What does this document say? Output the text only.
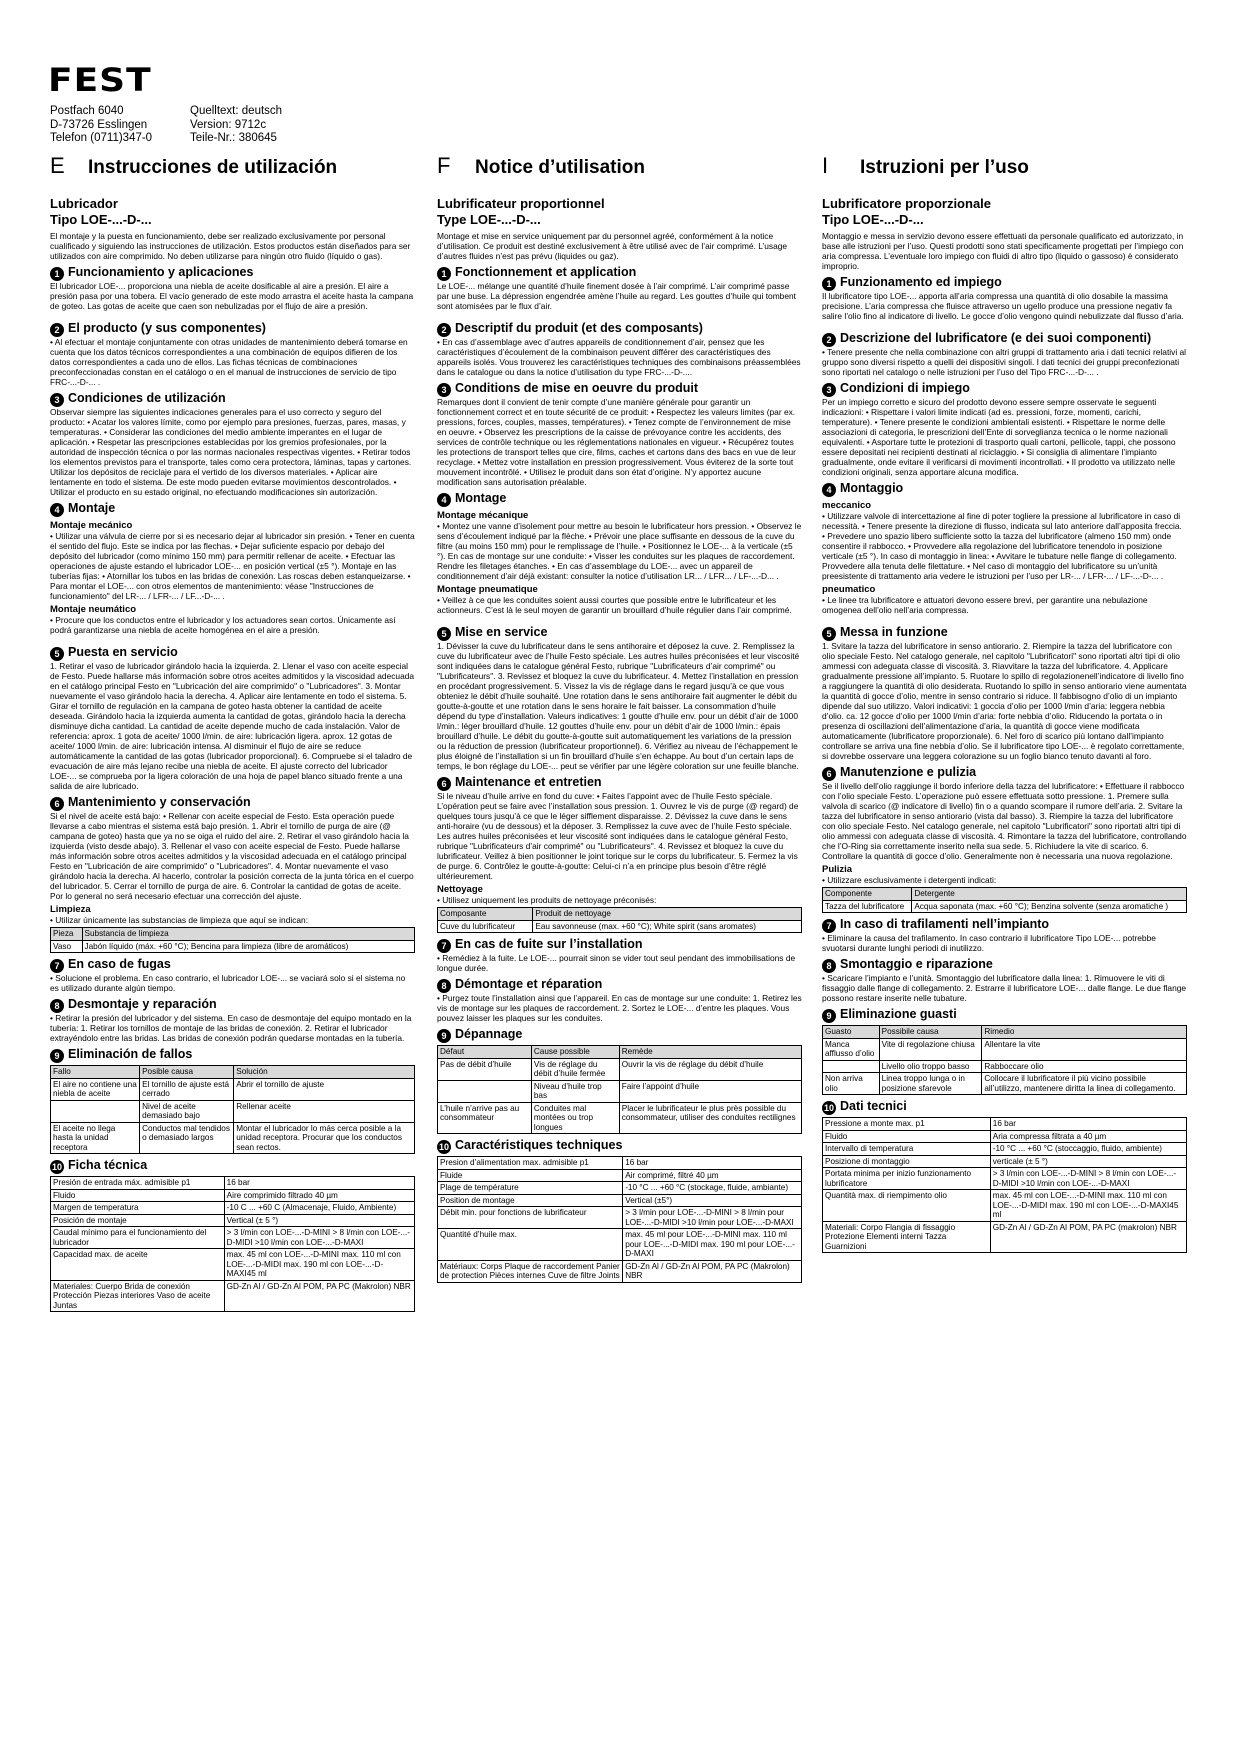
FEST
Postfach 6040
D-73726 Esslingen
Telefon (0711)347-0
Quelltext: deutsch
Version: 9712c
Teile-Nr.: 380645
E Instrucciones de utilización
Lubricador
Tipo LOE-...-D-...
El montaje y la puesta en funcionamiento, debe ser realizado exclusivamente por personal cualificado y siguiendo las instrucciones de utilización. Estos productos están diseñados para ser utilizados con aire comprimido. No deben utilizarse para ningún otro fluido (líquido o gas).
1 Funcionamiento y aplicaciones
El lubricador LOE-... proporciona una niebla de aceite dosificable al aire a presión. El aire a presión pasa por una tobera. El vacío generado de este modo arrastra el aceite hasta la campana de goteo. Las gotas de aceite que caen son nebulizadas por el flujo de aire a presión.
2 El producto (y sus componentes)
• Al efectuar el montaje conjuntamente con otras unidades de mantenimiento deberá tomarse en cuenta que los datos técnicos correspondientes a una combinación de equipos difieren de los datos correspondientes a cada uno de ellos. Las fichas técnicas de combinaciones preconfeccionadas constan en el catálogo o en el manual de instrucciones de servicio de tipo FRC-...-D-... .
3 Condiciones de utilización
Observar siempre las siguientes indicaciones generales para el uso correcto y seguro del producto: • Acatar los valores límite, como por ejemplo para presiones, fuerzas, pares, masas, y temperaturas. • Considerar las condiciones del medio ambiente imperantes en el lugar de aplicación. • Respetar las prescripciones establecidas por los gremios profesionales, por la autoridad de inspección técnica o por las normas nacionales respectivas vigentes. • Retirar todos los elementos previstos para el transporte, tales como cera protectora, láminas, tapas y cartones. Utilizar los depósitos de reciclaje para el vertido de los diversos materiales. • Aplicar aire lentamente en todo el sistema. De este modo pueden evitarse movimientos descontrolados. • Utilizar el producto en su estado original, no efectuando modificaciones sin autorización.
4 Montaje
Montaje mecánico
• Utilizar una válvula de cierre por si es necesario dejar al lubricador sin presión. • Tener en cuenta el sentido del flujo. Este se indica por las flechas. • Dejar suficiente espacio por debajo del depósito del lubricador (como mínimo 150 mm) para permitir rellenar de aceite. • Efectuar las operaciones de ajuste estando el lubricador LOE-... en posición vertical (±5 °). Montaje en las tuberías fijas: • Atornillar los tubos en las bridas de conexión. Las roscas deben estanqueizarse. • Para montar el LOE-... con otros elementos de mantenimiento: véase "Instrucciones de funcionamiento" del LR-... / LFR-... / LF...-D-... .
Montaje neumático
• Procure que los conductos entre el lubricador y los actuadores sean cortos. Únicamente así podrá garantizarse una niebla de aceite homogénea en el aire a presión.
5 Puesta en servicio
1. Retirar el vaso de lubricador girándolo hacia la izquierda. 2. Llenar el vaso con aceite especial de Festo. Puede hallarse más información sobre otros aceites admitidos y la viscosidad adecuada en el catálogo principal Festo en "Lubricación del aire comprimido" o "Lubricadores". 3. Montar nuevamente el vaso girándolo hacia la derecha. 4. Aplicar aire lentamente en todo el sistema. 5. Girar el tornillo de regulación en la campana de goteo hasta obtener la cantidad de aceite deseada. Girándolo hacia la izquierda aumenta la cantidad de gotas, girándolo hacia la derecha disminuye dicha cantidad. La cantidad de aceite depende mucho de cada instalación. Valor de referencia: aprox. 1 gota de aceite/ 1000 l/min. de aire: lubricación ligera. aprox. 12 gotas de aceite/ 1000 l/min. de aire: lubricación intensa. Al disminuir el flujo de aire se reduce automáticamente la cantidad de las gotas (lubricador proporcional). 6. Compruebe si el taladro de evacuación de aire más lejano recibe una niebla de aceite. El ajuste correcto del lubricador LOE-... se comprueba por la ligera coloración de una hoja de papel blanco situado frente a una salida de aire lubricado.
6 Mantenimiento y conservación
Si el nivel de aceite está bajo: • Rellenar con aceite especial de Festo. Esta operación puede llevarse a cabo mientras el sistema está bajo presión. 1. Abrir el tornillo de purga de aire (@ campana de goteo) hasta que ya no se oiga el ruido del aire. 2. Retirar el vaso girándolo hacia la izquierda (visto desde abajo). 3. Rellenar el vaso con aceite especial de Festo. Puede hallarse más información sobre otros aceites admitidos y la viscosidad adecuada en el catálogo principal Festo en "Lubricación de aire comprimido" o "Lubricadores". 4. Montar nuevamente el vaso girándolo hacia la derecha. Al hacerlo, controlar la posición correcta de la junta tórica en el cuerpo del lubricador. 5. Cerrar el tornillo de purga de aire. 6. Controlar la cantidad de gotas de aceite. Por lo general no será necesario efectuar una corrección del ajuste.
Limpieza
• Utilizar únicamente las substancias de limpieza que aquí se indican:
Pieza	Substancia de limpieza
Vaso	Jabón líquido (máx. +60 °C); Bencina para limpieza (libre de aromáticos)
7 En caso de fugas
• Solucione el problema. En caso contrario, el lubricador LOE-... se vaciará solo si el sistema no es utilizado durante algún tiempo.
8 Desmontaje y reparación
• Retirar la presión del lubricador y del sistema. En caso de desmontaje del equipo montado en la tubería: 1. Retirar los tornillos de montaje de las bridas de conexión. 2. Retirar el lubricador extrayéndolo entre las bridas. Las bridas de conexión podrán quedarse montadas en la tubería.
9 Eliminación de fallos
Fallo	Posible causa	Solución
El aire no contiene una niebla de aceite	El tornillo de ajuste está cerrado	Abrir el tornillo de ajuste
	Nivel de aceite demasiado bajo	Rellenar aceite
El aceite no llega hasta la unidad receptora	Conductos mal tendidos o demasiado largos	Montar el lubricador lo más cerca posible a la unidad receptora. Procurar que los conductos sean rectos.
10 Ficha técnica
Presión de entrada máx. admisible p1	16 bar
Fluido	Aire comprimido filtrado 40 µm
Margen de temperatura	-10 C ... +60 C (Almacenaje, Fluido, Ambiente)
Posición de montaje	Vertical (± 5 °)
Caudal mínimo para el funcionamiento del lubricador	> 3 l/min con LOE-...-D-MINI > 8 l/min con LOE-...-D-MIDI >10 l/min con LOE-...-D-MAXI
Capacidad max. de aceite	max. 45 ml con LOE-...-D-MINI max. 110 ml con LOE-...-D-MIDI max. 190 ml con LOE-...-D-MAXI45 ml
Materiales: Cuerpo Brida de conexión Protección Piezas interiores Vaso de aceite Juntas	GD-Zn Al / GD-Zn Al POM, PA PC (Makrolon) NBR
F Notice d’utilisation
Lubrificateur proportionnel
Type LOE-...-D-...
Montage et mise en service uniquement par du personnel agréé, conformément à la notice d’utilisation. Ce produit est destiné exclusivement à être utilisé avec de l’air comprimé. L’usage d’autres fluides n’est pas prévu (liquides ou gaz).
1 Fonctionnement et application
Le LOE-... mélange une quantité d’huile finement dosée à l’air comprimé. L’air comprimé passe par une buse. La dépression engendrée amène l’huile au regard. Les gouttes d’huile qui tombent sont atomisées par le flux d’air.
2 Descriptif du produit (et des composants)
• En cas d’assemblage avec d’autres appareils de conditionnement d’air, pensez que les caractéristiques d’écoulement de la combinaison peuvent différer des caractéristiques des appareils isolés. Vous trouverez les caractéristiques techniques des combinaisons préassemblées dans le catalogue ou dans la notice d’utilisation du type FRC-...-D-....
3 Conditions de mise en oeuvre du produit
Remarques dont il convient de tenir compte d’une manière générale pour garantir un fonctionnement correct et en toute sécurité de ce produit: • Respectez les valeurs limites (par ex. pressions, forces, couples, masses, températures). • Tenez compte de l’environnement de mise en oeuvre. • Observez les prescriptions de la caisse de prévoyance contre les accidents, des services de contrôle technique ou les réglementations nationales en vigueur. • Récupérez toutes les protections de transport telles que cire, films, caches et cartons dans des bacs en vue de leur recyclage. • Mettez votre installation en pression progressivement. Vous éviterez de la sorte tout mouvement incontrôlé. • Utilisez le produit dans son état d’origine. N’y apportez aucune modification sans autorisation préalable.
4 Montage
Montage mécanique
• Montez une vanne d’isolement pour mettre au besoin le lubrificateur hors pression. • Observez le sens d’écoulement indiqué par la flèche. • Prévoir une place suffisante en dessous de la cuve du filtre (au moins 150 mm) pour le remplissage de l’huile. • Positionnez le LOE-... à la verticale (±5 °). En cas de montage sur une conduite: • Visser les conduites sur les plaques de raccordement. Rendre les filetages étanches. • En cas d’assemblage du LOE-... avec un appareil de conditionnement d’air déjà existant: consulter la notice d’utilisation LR... / LFR... / LF-...-D... .
Montage pneumatique
• Veillez à ce que les conduites soient aussi courtes que possible entre le lubrificateur et les actionneurs. C’est là le seul moyen de garantir un brouillard d’huile régulier dans l’air comprimé.
5 Mise en service
1. Dévisser la cuve du lubrificateur dans le sens antihoraire et déposez la cuve. 2. Remplissez la cuve du lubrificateur avec de l’huile Festo spéciale. Les autres huiles préconisées et leur viscosité sont indiquées dans le catalogue général Festo, rubrique "Lubrificateurs d’air comprimé" ou "Lubrificateurs". 3. Revissez et bloquez la cuve du lubrificateur. 4. Mettez l’installation en pression en procédant progressivement. 5. Vissez la vis de réglage dans le regard jusqu’à ce que vous obteniez le débit d’huile souhaité. Une rotation dans le sens antihoraire fait augmenter le débit du goutte-à-goutte et une rotation dans le sens horaire le fait baisser. La consommation d’huile dépend du type d’installation. Valeurs indicatives: 1 goutte d’huile env. pour un débit d’air de 1000 l/min.: léger brouillard d’huile. 12 gouttes d’huile env. pour un débit d’air de 1000 l/min.: épais brouillard d’huile. Le débit du goutte-à-goutte suit automatiquement les variations de la pression ou la réduction de pression (lubrificateur proportionnel). 6. Vérifiez au niveau de l’échappement le plus éloigné de l’installation si un fin brouillard d’huile s’en échappe. Au bout d’un certain laps de temps, le bon réglage du LOE-... peut se vérifier par une légère coloration sur une feuille blanche.
6 Maintenance et entretien
Si le niveau d’huile arrive en fond du cuve: • Faites l’appoint avec de l’huile Festo spéciale. L’opération peut se faire avec l’installation sous pression. 1. Ouvrez le vis de purge (@ regard) de quelques tours jusqu’à ce que le léger sifflement disparaisse. 2. Dévissez la cuve dans le sens anti-horaire (vu de dessous) et la déposer. 3. Remplissez la cuve avec de l’huile Festo spéciale. Les autres huiles préconisées et leur viscosité sont indiquées dans le catalogue général Festo, rubrique "Lubrificateurs d’air comprimé" ou "Lubrificateurs". 4. Revissez et bloquez la cuve du lubrificateur. Veillez à bien positionner le joint torique sur le corps du lubrificateur. 5. Fermez la vis de purge. 6. Contrôlez le goutte-à-goutte: Celui-ci n’a en principe plus besoin d’être réglé ultérieurement.
Nettoyage
• Utilisez uniquement les produits de nettoyage préconisés:
Composante	Produit de nettoyage
Cuve du lubrificateur	Eau savonneuse (max. +60 °C); White spirit (sans aromates)
7 En cas de fuite sur l’installation
• Remédiez à la fuite. Le LOE-... pourrait sinon se vider tout seul pendant des immobilisations de longue durée.
8 Démontage et réparation
• Purgez toute l’installation ainsi que l’appareil. En cas de montage sur une conduite: 1. Retirez les vis de montage sur les plaques de raccordement. 2. Sortez le LOE-... d’entre les plaques. Vous pouvez laisser les plaques sur les conduites.
9 Dépannage
Défaut	Cause possible	Remède
Pas de débit d’huile	Vis de réglage du débit d’huile fermée	Ouvrir la vis de réglage du débit d’huile
	Niveau d’huile trop bas	Faire l’appoint d’huile
L’huile n’arrive pas au consommateur	Conduites mal montées ou trop longues	Placer le lubrificateur le plus près possible du consommateur, utiliser des conduites rectilignes
10 Caractéristiques techniques
Presion d’alimentation max. admisible p1	16 bar
Fluide	Air comprimé, filtré 40 µm
Plage de température	-10 °C ... +60 °C (stockage, fluide, ambiante)
Position de montage	Vertical (±5°)
Débit min. pour fonctions de lubrificateur	> 3 l/min pour LOE-...-D-MINI > 8 l/min pour LOE-...-D-MIDI >10 l/min pour LOE-...-D-MAXI
Quantité d’huile max.	max. 45 ml pour LOE-...-D-MINI max. 110 ml pour LOE-...-D-MIDI max. 190 ml pour LOE-...-D-MAXI
Matériaux: Corps Plaque de raccordement Panier de protection Pièces internes Cuve de filtre Joints	GD-Zn Al / GD-Zn Al POM, PA PC (Makrolon) NBR
I Istruzioni per l’uso
Lubrificatore proporzionale
Tipo LOE-...-D-...
Montaggio e messa in servizio devono essere effettuati da personale qualificato ed autorizzato, in base alle istruzioni per l’uso. Questi prodotti sono stati specificamente progettati per l’impiego con aria compressa. L’eventuale loro impiego con fluidi di altro tipo (liquido o gassoso) è considerato improprio.
1 Funzionamento ed impiego
Il lubrificatore tipo LOE-... apporta all’aria compressa una quantità di olio dosabile la massima precisione. L’aria compressa che fluisce attraverso un ugello produce una pressione negativ fa salire l’olio fino al indicatore di livello. Le gocce d’olio vengono quindi nebulizzate dal flusso d’aria.
2 Descrizione del lubrificatore (e dei suoi componenti)
• Tenere presente che nella combinazione con altri gruppi di trattamento aria i dati tecnici relativi al gruppo sono diversi rispetto a quelli dei dispositivi singoli. I dati tecnici dei gruppi preconfezionati sono riportati nel catalogo o nelle istruzioni per l’uso del Tipo FRC-...-D-... .
3 Condizioni di impiego
Per un impiego corretto e sicuro del prodotto devono essere sempre osservate le seguenti indicazioni: • Rispettare i valori limite indicati (ad es. pressioni, forze, momenti, carichi, temperature). • Tenere presente le condizioni ambientali esistenti. • Rispettare le norme delle associazioni di categoria, le prescrizioni dell’Ente di sorveglianza tecnica o le norme nazionali equivalenti. • Asportare tutte le protezioni di trasporto quali cartoni, pellicole, tappi, che possono essere depositati nei recipienti destinati al riciclaggio. • Si consiglia di alimentare l’impianto gradualmente, onde evitare il verificarsi di movimenti incontrollati. • Il prodotto va utilizzato nelle condizioni originali, senza apportare alcuna modifica.
4 Montaggio
meccanico
• Utilizzare valvole di intercettazione al fine di poter togliere la pressione al lubrificatore in caso di necessità. • Tenere presente la direzione di flusso, indicata sul lato anteriore dall’apposita freccia. • Prevedere uno spazio libero sufficiente sotto la tazza del lubrificatore (almeno 150 mm) onde consentire il rabbocco. • Provvedere alla regolazione del lubrificatore tenendolo in posizione verticale (±5 °). In caso di montaggio in linea: • Avvitare le tubature nelle flange di collegamento. Provvedere alla tenuta delle filettature. • Nel caso di montaggio del lubrificatore su un’unità preesistente di trattamento aria vedere le istruzioni per l’uso per LR-... / LFR-... / LF-...-D-... .
pneumatico
• Le linee tra lubrificatore e attuatori devono essere brevi, per garantire una nebulazione omogenea dell’olio nell’aria compressa.
5 Messa in funzione
1. Svitare la tazza del lubrificatore in senso antiorario. 2. Riempire la tazza del lubrificatore con olio speciale Festo. Nel catalogo generale, nel capitolo "Lubrificatori" sono riportati altri tipi di olio ammessi con adeguata classe di viscosità. 3. Riavvitare la tazza del lubrificatore. 4. Applicare gradualmente pressione all’impianto. 5. Ruotare lo spillo di regolazionenell’indicatore di livello fino a raggiungere la quantità di olio desiderata. Ruotando lo spillo in senso antiorario viene aumentata la quantità di gocce d’olio, mentre in senso contrario si riduce. Il fabbisogno d’olio di un impianto dipende dal suo utilizzo. Valori indicativi: 1 goccia d’olio per 1000 l/min d’aria: leggera nebbia d’olio. ca. 12 gocce d’olio per 1000 l/min d’aria: forte nebbia d’olio. Riducendo la portata o in presenza di oscillazioni dell’alimentazione d’aria, la quantità di gocce viene modificata automaticamente (lubrificatore proporzionale). 6. Nel foro di scarico più lontano dall’impianto controllare se arriva una fine nebbia d’olio. Se il lubrificatore tipo LOE-... è regolato correttamente, si dovrebbe osservare una leggera colorazione su un foglio bianco tenuto davanti al foro.
6 Manutenzione e pulizia
Se il livello dell’olio raggiunge il bordo inferiore della tazza del lubrificatore: • Effettuare il rabbocco con l’olio speciale Festo. L’operazione può essere effettuata sotto pressione. 1. Premere sulla valvola di scarico (@ indicatore di livello) fin o a quando scompare il rumore dell’aria. 2. Svitare la tazza del lubrificatore in senso antiorario (vista dal basso). 3. Riempire la tazza del lubrificatore con olio speciale Festo. Nel catalogo generale, nel capitolo "Lubrificatori" sono riportati altri tipi di olio ammessi con adeguata classe di viscosità. 4. Rimontare la tazza del lubrificatore, controllando che l’O-Ring sia correttamente inserito nella sua sede. 5. Richiudere la vite di scarico. 6. Controllare la quantità di gocce d’olio. Generalmente non è necessaria una nuova regolazione.
Pulizia
• Utilizzare esclusivamente i detergenti indicati:
Componente	Detergente
Tazza del lubrificatore	Acqua saponata (max. +60 °C); Benzina solvente (senza aromatiche )
7 In caso di trafilamenti nell’impianto
• Eliminare la causa del trafilamento. In caso contrario il lubrificatore Tipo LOE-... potrebbe svuotarsi durante lunghi periodi di inutilizzo.
8 Smontaggio e riparazione
• Scaricare l’impianto e l’unità. Smontaggio del lubrificatore dalla linea: 1. Rimuovere le viti di fissaggio dalle flange di collegamento. 2. Estrarre il lubrificatore LOE-... dalle flange. Le due flange possono restare inserite nelle tubature.
9 Eliminazione guasti
Guasto	Possibile causa	Rimedio
Manca afflusso d’olio	Vite di regolazione chiusa	Allentare la vite
	Livello olio troppo basso	Rabboccare olio
Non arriva olio	Linea troppo lunga o in posizione sfarevole	Collocare il lubrificatore il più vicino possibile all’utilizzo, mantenere diritta la linea di collegamento.
10 Dati tecnici
Pressione a monte max. p1	16 bar
Fluido	Aria compressa filtrata a 40 µm
Intervallo di temperatura	-10 °C ... +60 °C (stoccaggio, fluido, ambiente)
Posizione di montaggio	verticale (± 5 °)
Portata minima per inizio funzionamento lubrificatore	> 3 l/min con LOE-...-D-MINI > 8 l/min con LOE-...-D-MIDI >10 l/min con LOE-...-D-MAXI
Quantità max. di riempimento olio	max. 45 ml con LOE-...-D-MINI max. 110 ml con LOE-...-D-MIDI max. 190 ml con LOE-...-D-MAXI45 ml
Materiali: Corpo Flangia di fissaggio Protezione Elementi interni Tazza Guarnizioni	GD-Zn Al / GD-Zn Al POM, PA PC (makrolon) NBR
